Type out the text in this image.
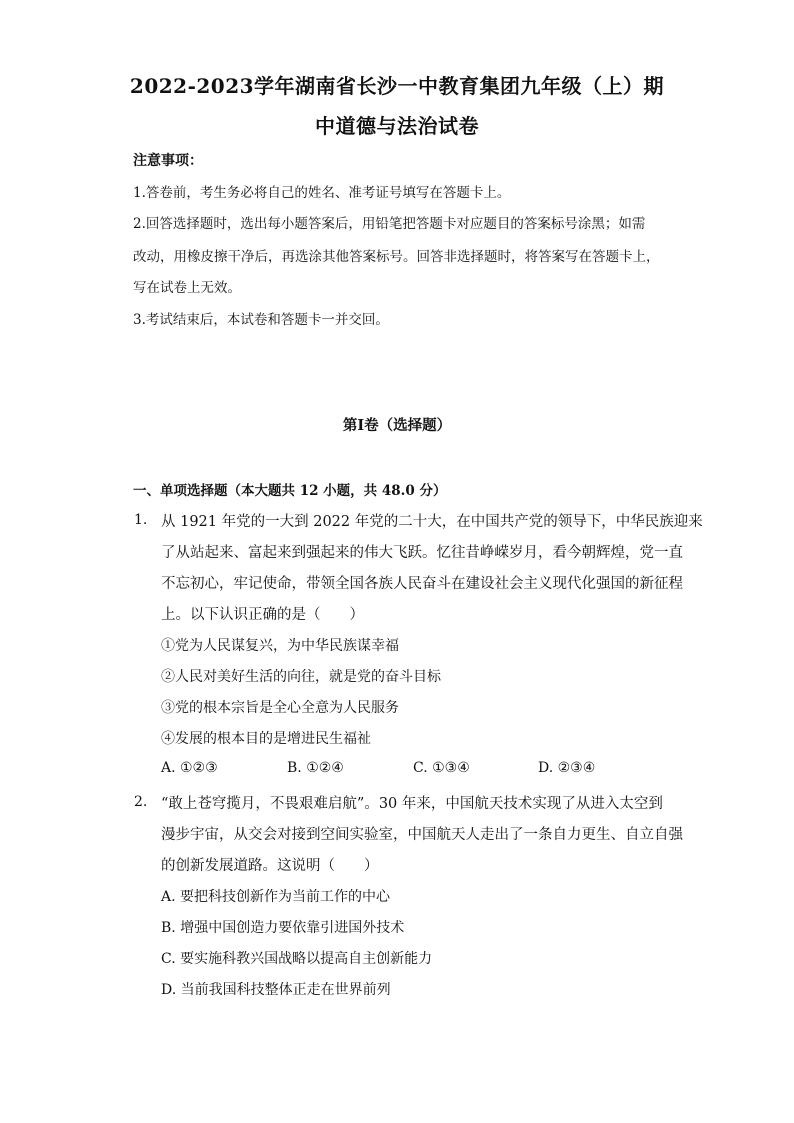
2022-2023学年湖南省长沙一中教育集团九年级（上）期
中道德与法治试卷
注意事项：
1.答卷前，考生务必将自己的姓名、准考证号填写在答题卡上。
2.回答选择题时，选出每小题答案后，用铅笔把答题卡对应题目的答案标号涂黑；如需
改动，用橡皮擦干净后，再选涂其他答案标号。回答非选择题时，将答案写在答题卡上，
写在试卷上无效。
3.考试结束后，本试卷和答题卡一并交回。
第Ⅰ卷（选择题）
一、单项选择题（本大题共 12 小题，共 48.0 分）
1. 从 1921 年党的一大到 2022 年党的二十大，在中国共产党的领导下，中华民族迎来
了从站起来、富起来到强起来的伟大飞跃。忆往昔峥嵘岁月，看今朝辉煌，党一直
不忘初心，牢记使命，带领全国各族人民奋斗在建设社会主义现代化强国的新征程
上。以下认识正确的是（　　）
①党为人民谋复兴，为中华民族谋幸福
②人民对美好生活的向往，就是党的奋斗目标
③党的根本宗旨是全心全意为人民服务
④发展的根本目的是增进民生福祉
A. ①②③	B. ①②④	C. ①③④	D. ②③④
2. “敢上苍穹揽月，不畏艰难启航”。30 年来，中国航天技术实现了从进入太空到
漫步宇宙，从交会对接到空间实验室，中国航天人走出了一条自力更生、自立自强
的创新发展道路。这说明（　　）
A. 要把科技创新作为当前工作的中心
B. 增强中国创造力要依靠引进国外技术
C. 要实施科教兴国战略以提高自主创新能力
D. 当前我国科技整体正走在世界前列
